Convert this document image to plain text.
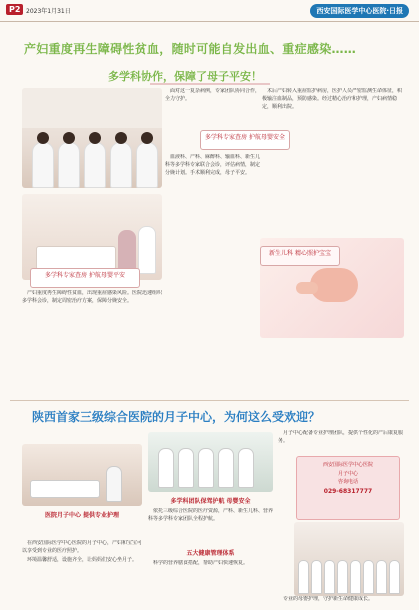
P2 2023年1月31日	西安国际医学中心医院·日报
产妇重度再生障碍性贫血，随时可能自发出血、重症感染……
多学科协作，保障了母子平安！
多学科专家查房 护航母婴平安

产妇重度再生障碍性贫血，出现重症感染风险。医院迅速组织多学科会诊，制定周密治疗方案，保障分娩安全。

面对这一复杂病例，专家团队协同合作，全力守护。

多学科专家查房 护航母婴安全

血液科、产科、麻醉科、输血科、新生儿科等多学科专家联合会诊，评估病情，制定分娩计划。手术顺利完成，母子平安。

术后产妇转入重症监护病房，医护人员严密监测生命体征，积极输注血制品，预防感染。经过精心治疗和护理，产妇病情稳定，顺利出院。

新生儿科 精心照护宝宝
陕西首家三级综合医院的月子中心，为何这么受欢迎？
医院月子中心 提供专业护理
多学科团队保驾护航 母婴安全
五大健康管理体系

在西安国际医学中心医院的月子中心，产妇和宝宝可以享受到专业的医疗照护。

环境温馨舒适，设施齐全，让妈妈们安心坐月子。

依托三级综合医院的医疗资源，产科、新生儿科、营养科等多学科专家团队全程护航。

科学的营养膳食搭配，帮助产妇快速恢复。

月子中心配备专业护理团队，提供个性化的产后康复服务。

西安国际医学中心医院
月子中心
咨询电话
029-68317777

专业的母婴护理，守护新生命健康成长。
